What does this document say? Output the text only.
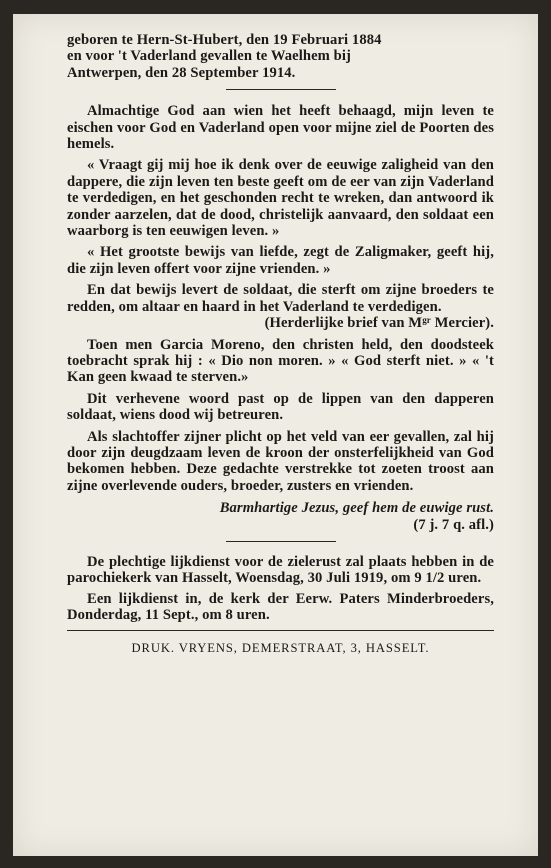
geboren te Hern-St-Hubert, den 19 Februari 1884

en voor 't Vaderland gevallen te Waelhem bij

Antwerpen, den 28 September 1914.

Almachtige God aan wien het heeft behaagd, mijn leven te eischen voor God en Vaderland open voor mijne ziel de Poorten des hemels.

« Vraagt gij mij hoe ik denk over de eeuwige zaligheid van den dappere, die zijn leven ten beste geeft om de eer van zijn Vaderland te verdedigen, en het geschonden recht te wreken, dan antwoord ik zonder aarzelen, dat de dood, christelijk aanvaard, den soldaat een waarborg is ten eeuwigen leven. »

« Het grootste bewijs van liefde, zegt de Zaligmaker, geeft hij, die zijn leven offert voor zijne vrienden. »

En dat bewijs levert de soldaat, die sterft om zijne broeders te redden, om altaar en haard in het Vaderland te verdedigen.

(Herderlijke brief van $M^{gr}$ Mercier).

Toen men Garcia Moreno, den christen held, den doodsteek toebracht sprak hij : « Dio non moren. » « God sterft niet. » « 't Kan geen kwaad te sterven.»

Dit verhevene woord past op de lippen van den dapperen soldaat, wiens dood wij betreuren.

Als slachtoffer zijner plicht op het veld van eer gevallen, zal hij door zijn deugdzaam leven de kroon der onsterfelijkheid van God bekomen hebben. Deze gedachte verstrekke tot zoeten troost aan zijne overlevende ouders, broeder, zusters en vrienden.

Barmhartige Jezus, geef hem de euwige rust.

(7 j. 7 q. afl.)

De plechtige lijkdienst voor de zielerust zal plaats hebben in de parochiekerk van Hasselt, Woensdag, 30 Juli 1919, om 9 1/2 uren.

Een lijkdienst in, de kerk der Eerw. Paters Minderbroeders, Donderdag, 11 Sept., om 8 uren.

DRUK. VRYENS, DEMERSTRAAT, 3, HASSELT.
